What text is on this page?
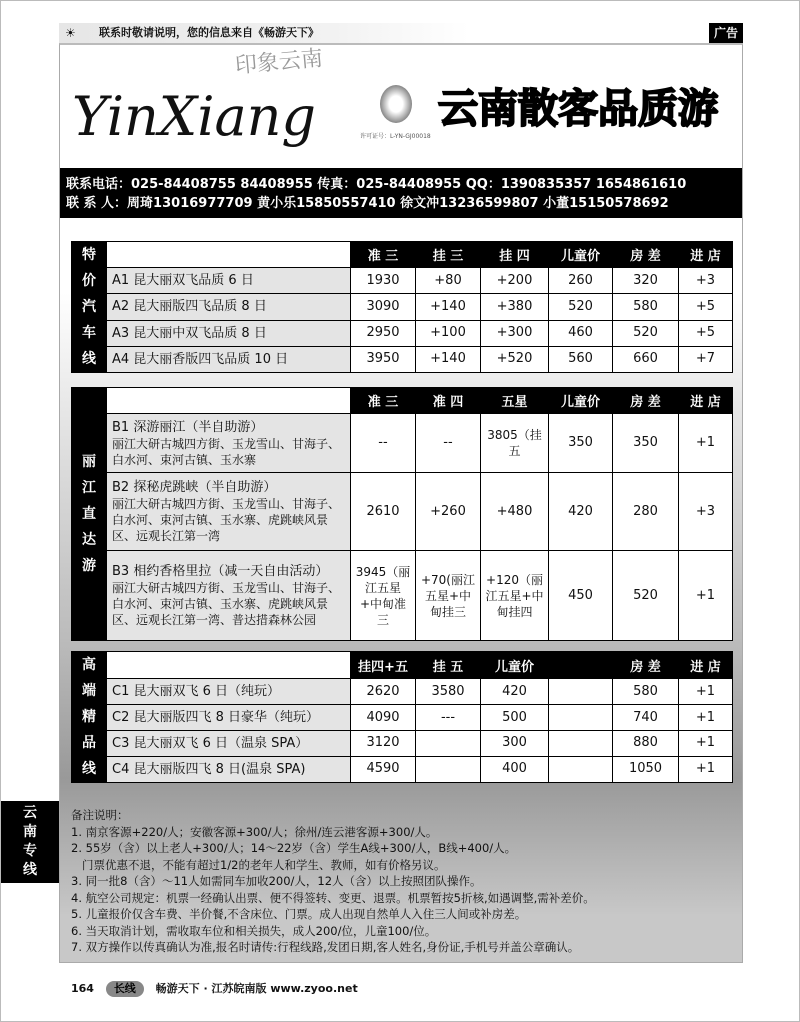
☀ 联系时敬请说明，您的信息来自《畅游天下》	广告
YinXiang
印象云南
许可证号：L-YN-GJ00018
云南散客品质游
联系电话：025-84408755 84408955 传真：025-84408955 QQ：1390835357 1654861610
联 系 人：周琦13016977709 黄小乐15850557410 徐文冲13236599807 小董15150578692
特
价
汽
车
线		准 三	挂 三	挂 四	儿童价	房 差	进 店
	A1 昆大丽双飞品质 6 日	1930	+80	+200	260	320	+3
	A2 昆大丽版四飞品质 8 日	3090	+140	+380	520	580	+5
	A3 昆大丽中双飞品质 8 日	2950	+100	+300	460	520	+5
	A4 昆大丽香版四飞品质 10 日	3950	+140	+520	560	660	+7
丽
江
直
达
游		准 三	准 四	五星	儿童价	房 差	进 店
	B1 深游丽江（半自助游）
丽江大研古城四方街、玉龙雪山、甘海子、白水河、束河古镇、玉水寨	--	--	3805（挂五	350	350	+1
	B2 探秘虎跳峡（半自助游）
丽江大研古城四方街、玉龙雪山、甘海子、白水河、束河古镇、玉水寨、虎跳峡风景区、远观长江第一湾	2610	+260	+480	420	280	+3
	B3 相约香格里拉（减一天自由活动）
丽江大研古城四方街、玉龙雪山、甘海子、白水河、束河古镇、玉水寨、虎跳峡风景区、远观长江第一湾、普达措森林公园	3945（丽江五星+中甸准三	+70(丽江五星+中甸挂三	+120（丽江五星+中甸挂四	450	520	+1
高
端
精
品
线		挂四+五	挂 五	儿童价		房 差	进 店
	C1 昆大丽双飞 6 日（纯玩）	2620	3580	420		580	+1
	C2 昆大丽版四飞 8 日豪华（纯玩）	4090	---	500		740	+1
	C3 昆大丽双飞 6 日（温泉 SPA）	3120		300		880	+1
	C4 昆大丽版四飞 8 日(温泉 SPA)	4590		400		1050	+1
备注说明：
1. 南京客源+220/人；安徽客源+300/人；徐州/连云港客源+300/人。
2. 55岁（含）以上老人+300/人；14～22岁（含）学生A线+300/人，B线+400/人。
门票优惠不退，不能有超过1/2的老年人和学生、教师，如有价格另议。
3. 同一批8（含）～11人如需同车加收200/人，12人（含）以上按照团队操作。
4. 航空公司规定：机票一经确认出票、便不得签转、变更、退票。机票暂按5折核,如遇调整,需补差价。
5. 儿童报价仅含车费、半价餐,不含床位、门票。成人出现自然单人入住三人间或补房差。
6. 当天取消计划，需收取车位和相关损失，成人200/位，儿童100/位。
7. 双方操作以传真确认为准,报名时请传:行程线路,发团日期,客人姓名,身份证,手机号并盖公章确认。
164 长线 畅游天下 · 江苏皖南版 www.zyoo.net
云
南
专
线
